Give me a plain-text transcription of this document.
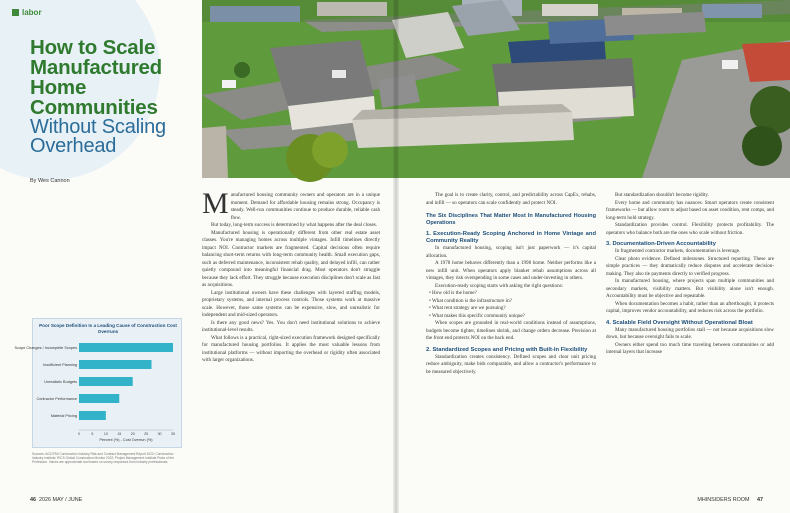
labor
How to Scale
Manufactured
Home
Communities
Without Scaling
Overhead
By Wes Cannon

Manufactured housing community owners and operators are in a unique moment. Demand for affordable housing remains strong. Occupancy is steady. Well-run communities continue to produce durable, reliable cash flow.

But today, long-term success is determined by what happens after the deal closes.

Manufactured housing is operationally different from other real estate asset classes. You're managing homes across multiple vintages. Infill timelines directly impact NOI. Contractor markets are fragmented. Capital decisions often require balancing short-term returns with long-term community health. Small execution gaps, such as deferred maintenance, inconsistent rehab quality, and delayed infill, can rather quietly compound into meaningful financial drag. Most operators don't struggle because they lack effort. They struggle because execution disciplines don't scale as fast as acquisitions.

Large institutional owners have these challenges with layered staffing models, proprietary systems, and internal process controls. Those systems work at massive scale. However, those same systems can be expensive, slow, and unrealistic for independent and mid-sized operators.

Is there any good news? Yes. You don't need institutional solutions to achieve institutional-level results.

What follows is a practical, right-sized execution framework designed specifically for manufactured housing portfolios. It applies the most valuable lessons from institutional platforms — without importing the overhead or rigidity often associated with larger organizations.

The goal is to create clarity, control, and predictability across CapEx, rehabs, and infill — so operators can scale confidently and protect NOI.

The Six Disciplines That Matter Most In Manufactured Housing Operations

1. Execution-Ready Scoping Anchored in Home Vintage and Community Reality

In manufactured housing, scoping isn't just paperwork — it's capital allocation.

A 1978 home behaves differently than a 1998 home. Neither performs like a new infill unit. When operators apply blanket rehab assumptions across all vintages, they risk overspending in some cases and under-investing in others.

Execution-ready scoping starts with asking the right questions:

• How old is the home?

• What condition is the infrastructure in?

• What rent strategy are we pursuing?

• What makes this specific community unique?

When scopes are grounded in real-world conditions instead of assumptions, budgets become tighter, timelines shrink, and change orders decrease. Precision at the front end protects NOI on the back end.

2. Standardized Scopes and Pricing with Built-In Flexibility

Standardization creates consistency. Defined scopes and clear unit pricing reduce ambiguity, make bids comparable, and allow a contractor's performance to be measured objectively.

But standardization shouldn't become rigidity.

Every home and community has nuances. Smart operators create consistent frameworks — but allow room to adjust based on asset condition, rent comps, and long-term hold strategy.

Standardization provides control. Flexibility protects profitability. The operators who balance both are the ones who scale without friction.

3. Documentation-Driven Accountability

In fragmented contractor markets, documentation is leverage.

Clear photo evidence. Defined milestones. Structured reporting. These are simple practices — they dramatically reduce disputes and accelerate decision-making. They also tie payments directly to verified progress.

In manufactured housing, where projects span multiple communities and secondary markets, visibility matters. But visibility alone isn't enough. Accountability must be objective and repeatable.

When documentation becomes a habit, rather than an afterthought, it protects capital, improves vendor accountability, and reduces risk across the portfolio.

4. Scalable Field Oversight Without Operational Bloat

Many manufactured housing portfolios stall — not because acquisitions slow down, but because oversight fails to scale.

Owners either spend too much time traveling between communities or add internal layers that increase

Poor Scope Definition Is a Leading Cause of Construction Cost Overruns
Scope Changes / Incomplete Scopes
Insufficient Planning
Unrealistic Budgets
Contractor Performance
Material Pricing
0	5	10	15	20	25	30	35
Percent (%) - Cost Overrun (%)
Sources: AGC/FMI Construction Industry Risk and Contract Management Report 2020; Construction Industry Institute; RICS Global Construction Monitor 2022; Project Management Institute Pulse of the Profession. Values are approximate and based on survey responses from industry professionals.
46 2026 MAY / JUNE	MHINSIDERS ROOM 47
